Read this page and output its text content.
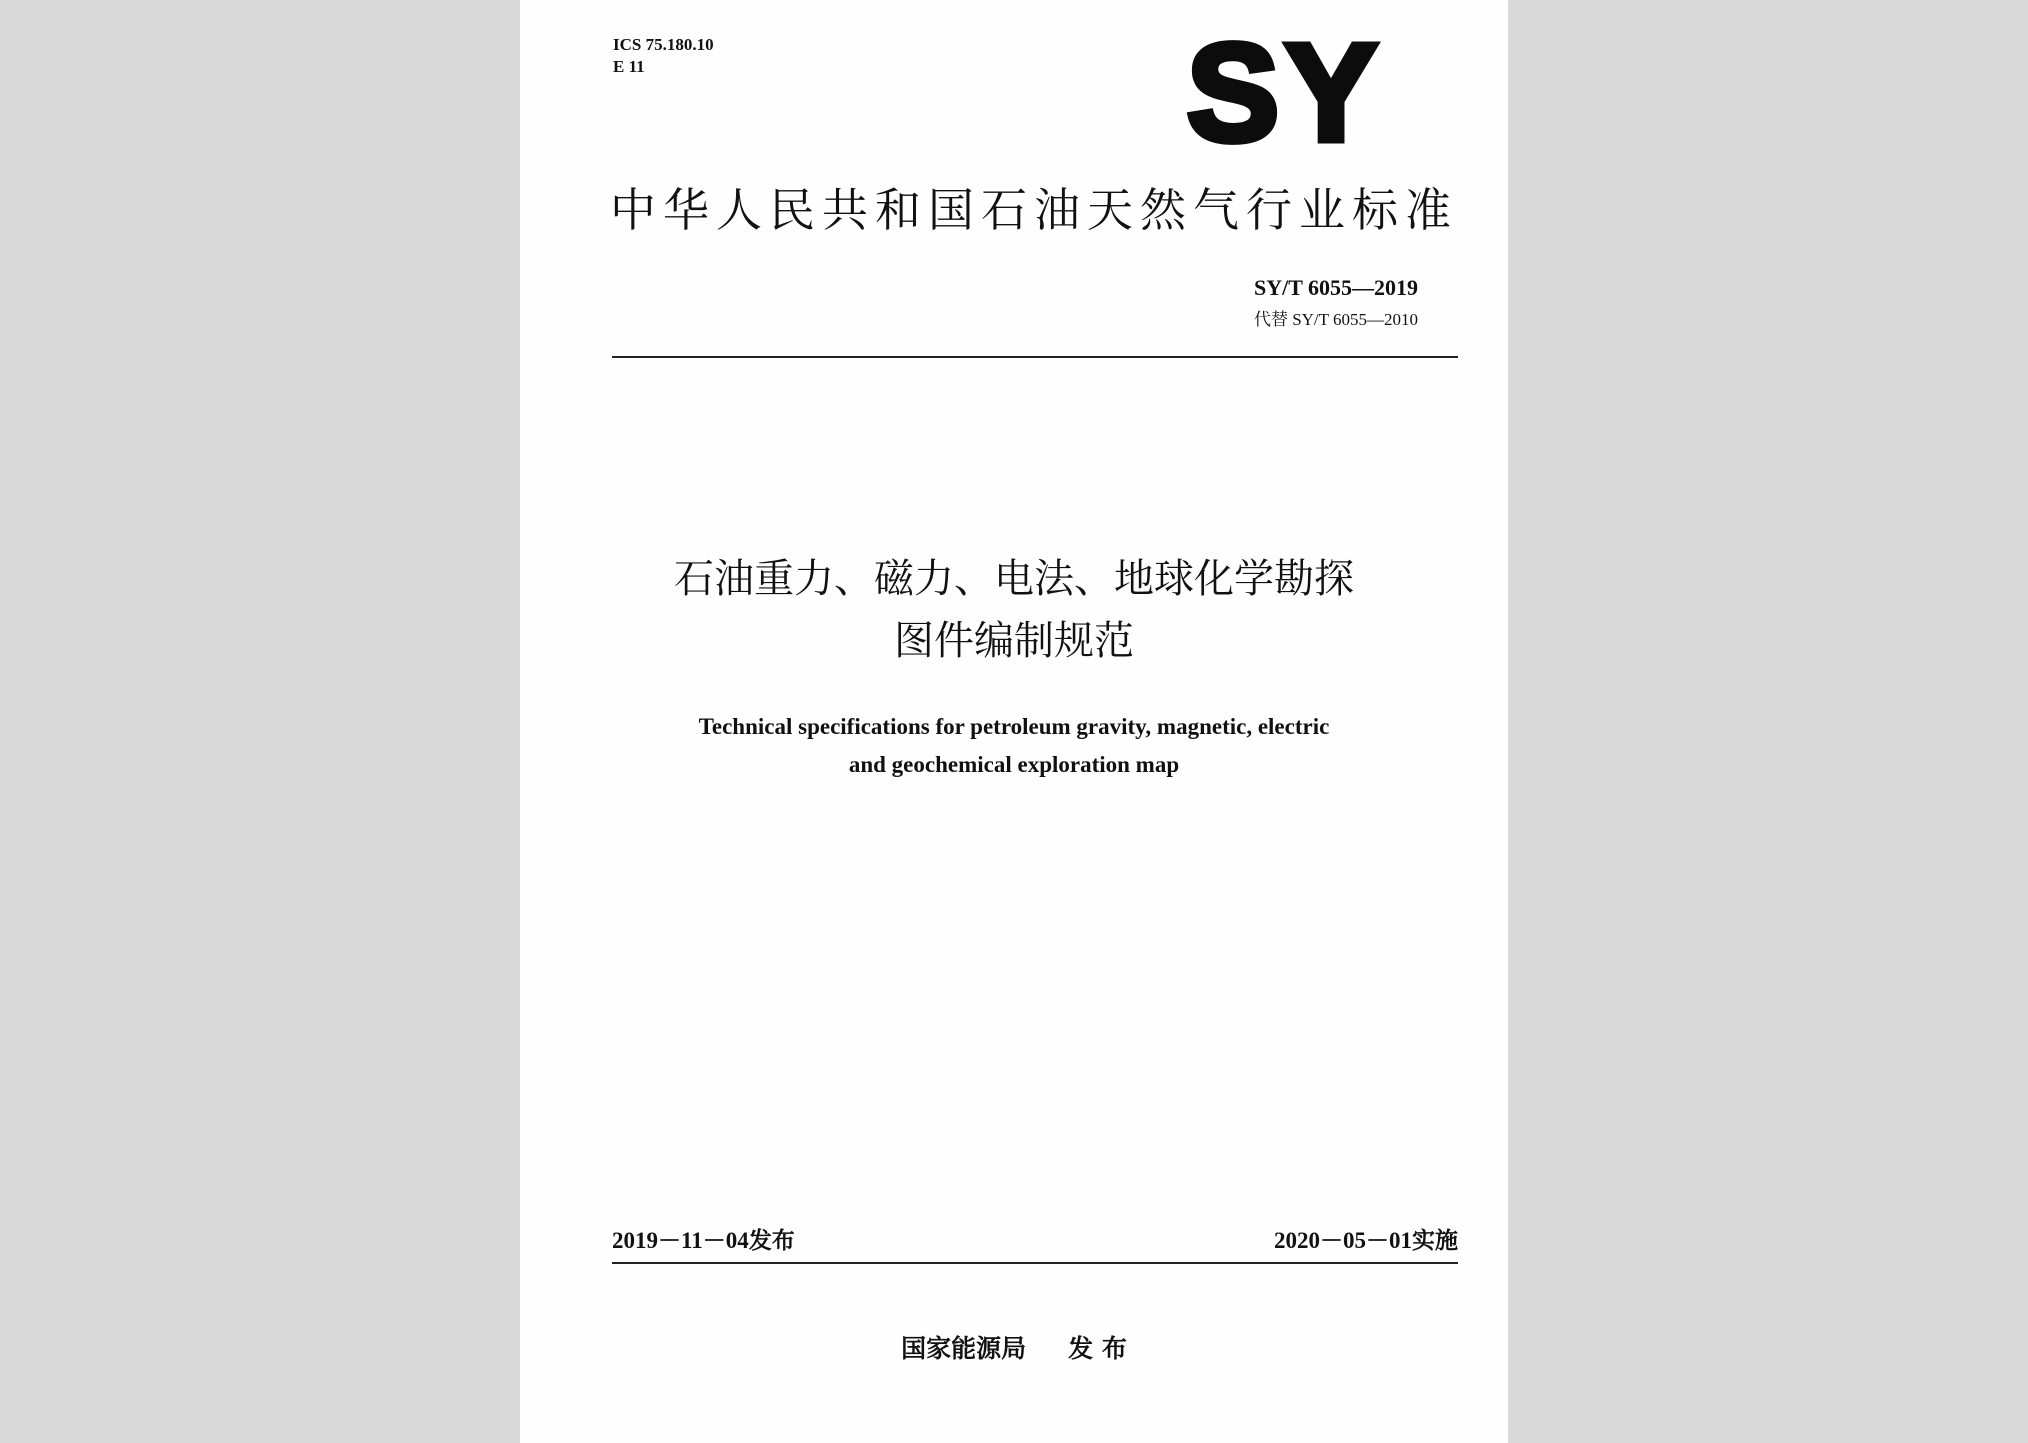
ICS 75.180.10
E 11	SY
中华人民共和国石油天然气行业标准
SY/T 6055—2019
代替 SY/T 6055—2010
石油重力、磁力、电法、地球化学勘探
图件编制规范
Technical specifications for petroleum gravity, magnetic, electric
and geochemical exploration map
2019－11－04发布	2020－05－01实施
国家能源局 发 布
